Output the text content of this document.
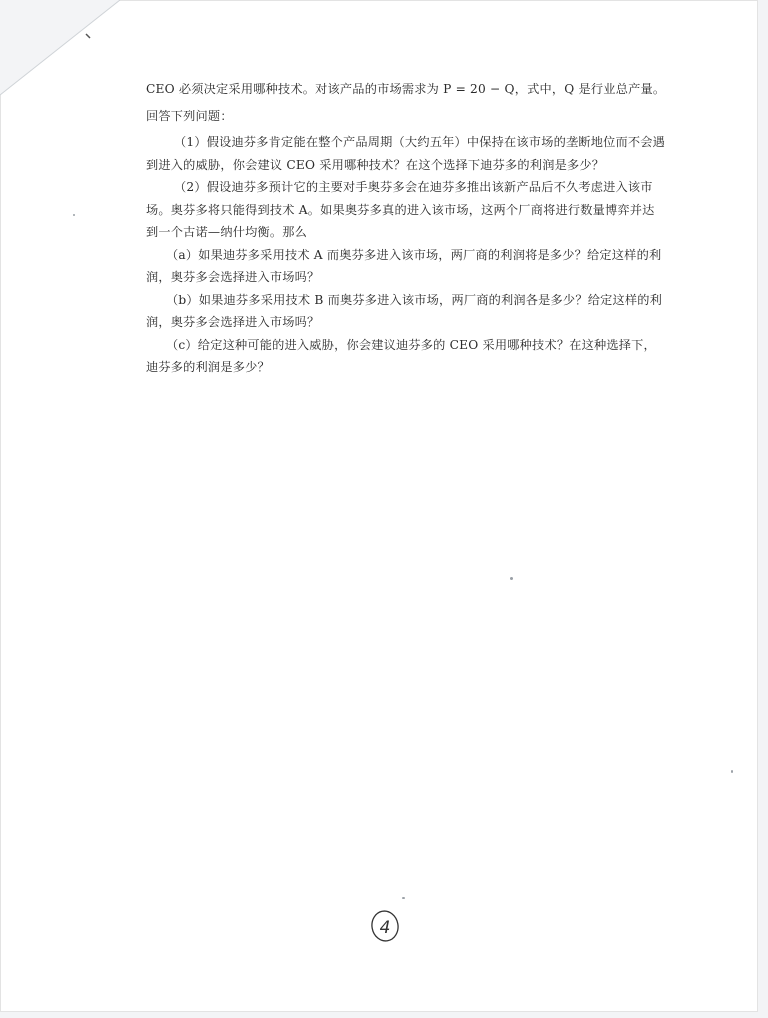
CEO 必须决定采用哪种技术。对该产品的市场需求为 P = 20 − Q，式中，Q 是行业总产量。

回答下列问题：

（1）假设迪芬多肯定能在整个产品周期（大约五年）中保持在该市场的垄断地位而不会遇到进入的威胁，你会建议 CEO 采用哪种技术？在这个选择下迪芬多的利润是多少？

（2）假设迪芬多预计它的主要对手奥芬多会在迪芬多推出该新产品后不久考虑进入该市场。奥芬多将只能得到技术 A。如果奥芬多真的进入该市场，这两个厂商将进行数量博弈并达到一个古诺—纳什均衡。那么

（a）如果迪芬多采用技术 A 而奥芬多进入该市场，两厂商的利润将是多少？给定这样的利润，奥芬多会选择进入市场吗？

（b）如果迪芬多采用技术 B 而奥芬多进入该市场，两厂商的利润各是多少？给定这样的利润，奥芬多会选择进入市场吗？

（c）给定这种可能的进入威胁，你会建议迪芬多的 CEO 采用哪种技术？在这种选择下，迪芬多的利润是多少？

4
